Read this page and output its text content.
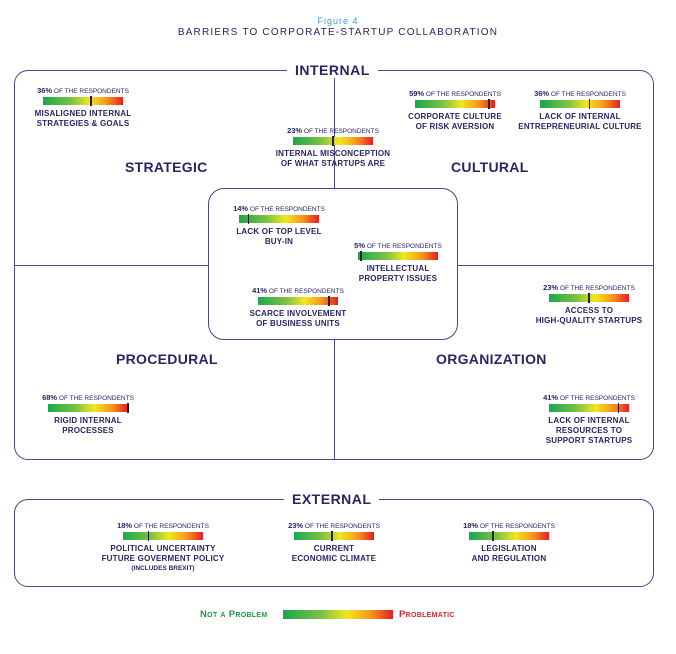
Figure 4
BARRIERS TO CORPORATE-STARTUP COLLABORATION
INTERNAL
STRATEGIC	CULTURAL
PROCEDURAL	ORGANIZATION
36% OF THE RESPONDENTS
MISALIGNED INTERNAL
STRATEGIES & GOALS
23% OF THE RESPONDENTS
INTERNAL MISCONCEPTION
OF WHAT STARTUPS ARE
59% OF THE RESPONDENTS
CORPORATE CULTURE
OF RISK AVERSION
36% OF THE RESPONDENTS
LACK OF INTERNAL
ENTREPRENEURIAL CULTURE
14% OF THE RESPONDENTS
LACK OF TOP LEVEL
BUY-IN	5% OF THE RESPONDENTS
INTELLECTUAL
PROPERTY ISSUES
41% OF THE RESPONDENTS
SCARCE INVOLVEMENT
OF BUSINESS UNITS
23% OF THE RESPONDENTS
ACCESS TO
HIGH-QUALITY STARTUPS
68% OF THE RESPONDENTS
RIGID INTERNAL
PROCESSES
41% OF THE RESPONDENTS
LACK OF INTERNAL
RESOURCES TO
SUPPORT STARTUPS
EXTERNAL
18% OF THE RESPONDENTS
POLITICAL UNCERTAINTY
FUTURE GOVERMENT POLICY
(INCLUDES BREXIT)
23% OF THE RESPONDENTS
CURRENT
ECONOMIC CLIMATE
18% OF THE RESPONDENTS
LEGISLATION
AND REGULATION
Not a Problem	Problematic
